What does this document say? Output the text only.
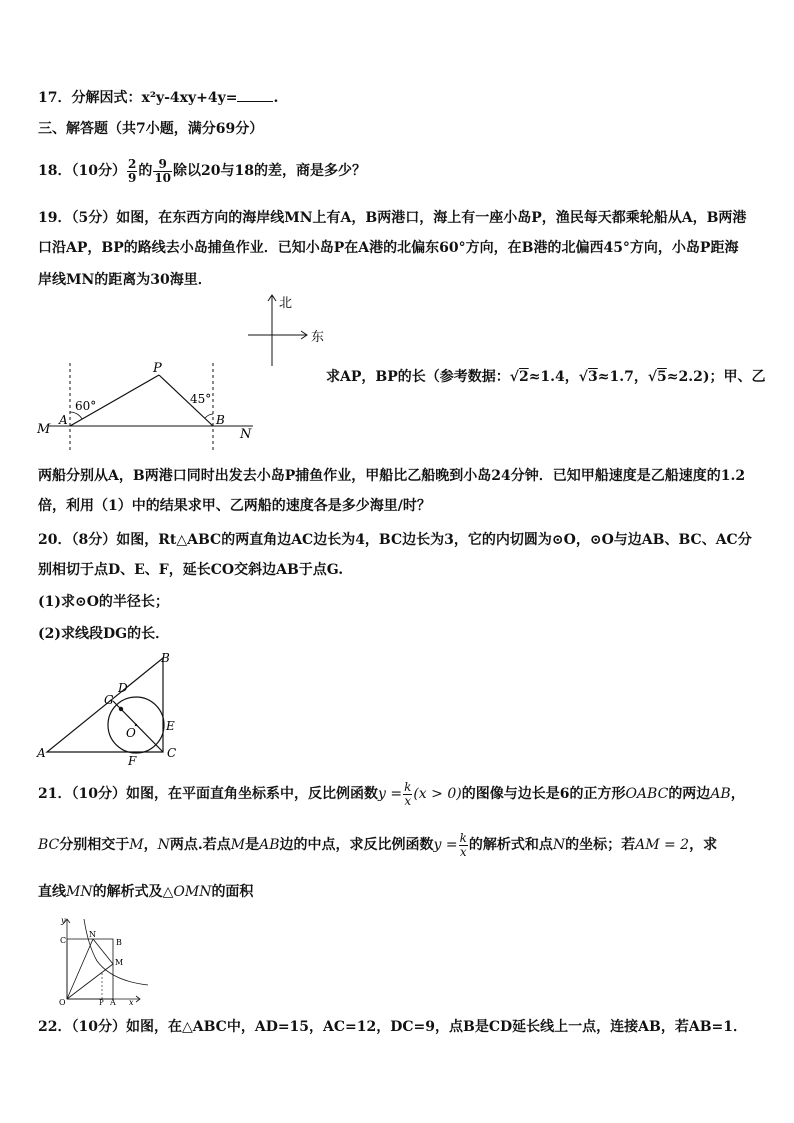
17．分解因式：x²y-4xy+4y=	.
三、解答题（共7小题，满分69分）
18．（10分） $\frac{2}{9}$ 的 $\frac{9}{10}$ 除以20与18的差，商是多少？
19．（5分）如图，在东西方向的海岸线MN上有A，B两港口，海上有一座小岛P，渔民每天都乘轮船从A，B两港
口沿AP，BP的路线去小岛捕鱼作业．已知小岛P在A港的北偏东60°方向，在B港的北偏西45°方向，小岛P距海
岸线MN的距离为30海里．
北
东
P
A	B
M	N
60°	45°
求AP，BP的长（参考数据：√2≈1.4，√3≈1.7，√5≈2.2)；甲、乙
两船分别从A，B两港口同时出发去小岛P捕鱼作业，甲船比乙船晚到小岛24分钟．已知甲船速度是乙船速度的1.2
倍，利用（1）中的结果求甲、乙两船的速度各是多少海里/时？
20．（8分）如图，Rt△ABC的两直角边AC边长为4，BC边长为3，它的内切圆为⊙O，⊙O与边AB、BC、AC分
别相切于点D、E、F，延长CO交斜边AB于点G.
(1)求⊙O的半径长；
(2)求线段DG的长．
B
D
G
E
O
A	C
F
21．（10分）如图，在平面直角坐标系中，反比例函数$y = \frac{k}{x} (x > 0)$的图像与边长是6的正方形OABC的两边AB，
BC分别相交于M，N两点.若点M是AB边的中点，求反比例函数$y = \frac{k}{x}$ 的解析式和点N的坐标；若AM = 2，求
直线MN的解析式及△OMN的面积
y
C
N
B
M
O	P A x
22．（10分）如图，在△ABC中，AD=15，AC=12，DC=9，点B是CD延长线上一点，连接AB，若AB=1．
